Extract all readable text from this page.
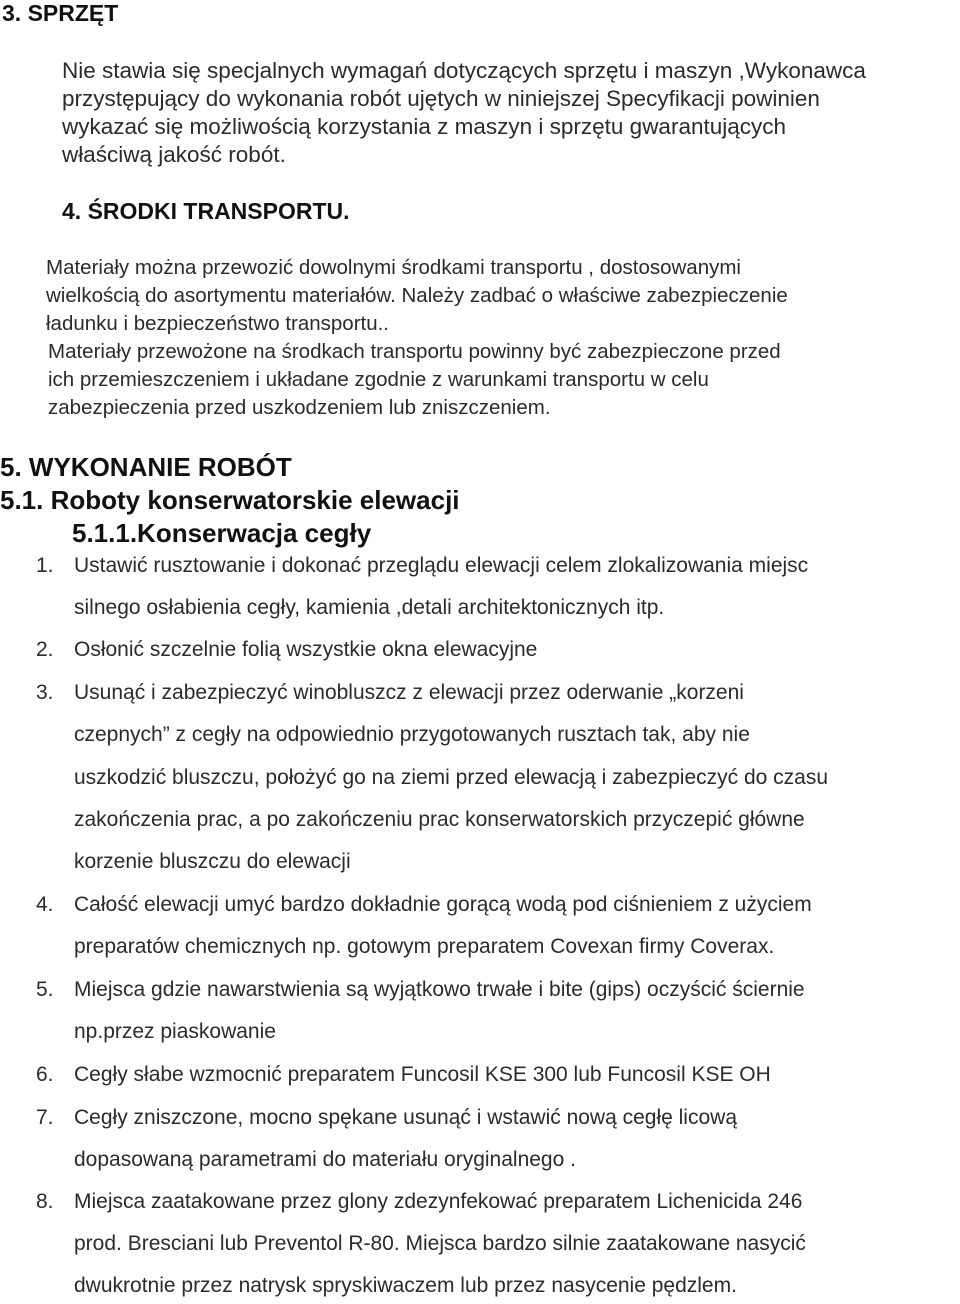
3. SPRZĘT
Nie stawia się specjalnych wymagań dotyczących sprzętu i maszyn ,Wykonawca
przystępujący do wykonania robót ujętych w niniejszej Specyfikacji powinien
wykazać się możliwością korzystania z maszyn i sprzętu gwarantujących
właściwą jakość robót.
4. ŚRODKI TRANSPORTU.
Materiały można przewozić dowolnymi środkami transportu , dostosowanymi
wielkością do asortymentu materiałów. Należy zadbać o właściwe zabezpieczenie
ładunku i bezpieczeństwo transportu..
Materiały przewożone na środkach transportu powinny być zabezpieczone przed
ich przemieszczeniem i układane zgodnie z warunkami transportu w celu
zabezpieczenia przed uszkodzeniem lub zniszczeniem.
5. WYKONANIE ROBÓT
5.1. Roboty konserwatorskie elewacji
5.1.1.Konserwacja cegły
1. Ustawić rusztowanie i dokonać przeglądu elewacji celem zlokalizowania miejsc
silnego osłabienia cegły, kamienia ,detali architektonicznych itp.
2. Osłonić szczelnie folią wszystkie okna elewacyjne
3. Usunąć i zabezpieczyć winobluszcz z elewacji przez oderwanie „korzeni
czepnych” z cegły na odpowiednio przygotowanych rusztach tak, aby nie
uszkodzić bluszczu, położyć go na ziemi przed elewacją i zabezpieczyć do czasu
zakończenia prac, a po zakończeniu prac konserwatorskich przyczepić główne
korzenie bluszczu do elewacji
4. Całość elewacji umyć bardzo dokładnie gorącą wodą pod ciśnieniem z użyciem
preparatów chemicznych np. gotowym preparatem Covexan firmy Coverax.
5. Miejsca gdzie nawarstwienia są wyjątkowo trwałe i bite (gips) oczyścić ściernie
np.przez piaskowanie
6. Cegły słabe wzmocnić preparatem Funcosil KSE 300 lub Funcosil KSE OH
7. Cegły zniszczone, mocno spękane usunąć i wstawić nową cegłę licową
dopasowaną parametrami do materiału oryginalnego .
8. Miejsca zaatakowane przez glony zdezynfekować preparatem Lichenicida 246
prod. Bresciani lub Preventol R-80. Miejsca bardzo silnie zaatakowane nasycić
dwukrotnie przez natrysk spryskiwaczem lub przez nasycenie pędzlem.
